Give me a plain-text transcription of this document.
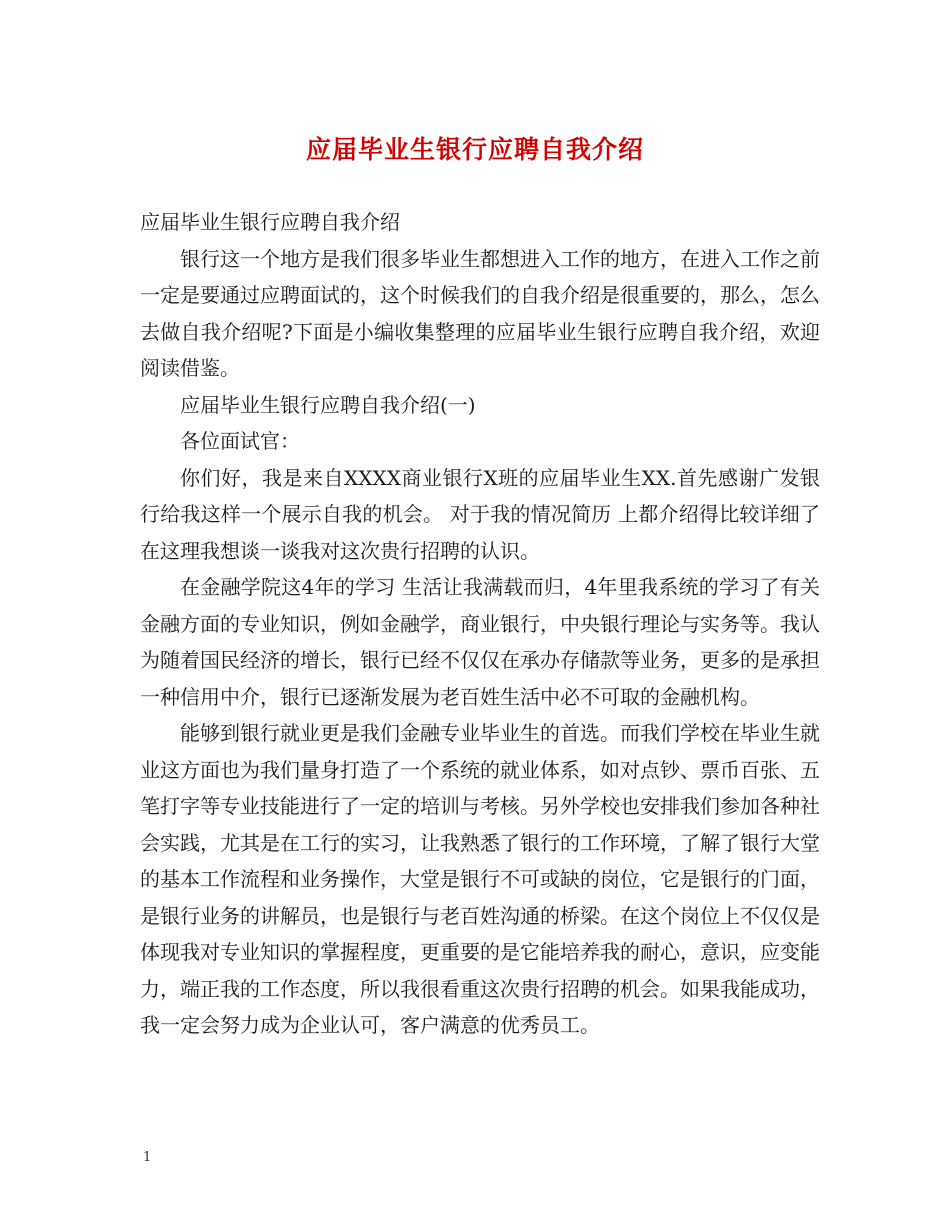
应届毕业生银行应聘自我介绍

应届毕业生银行应聘自我介绍

银行这一个地方是我们很多毕业生都想进入工作的地方，在进入工作之前一定是要通过应聘面试的，这个时候我们的自我介绍是很重要的，那么，怎么去做自我介绍呢?下面是小编收集整理的应届毕业生银行应聘自我介绍，欢迎阅读借鉴。

应届毕业生银行应聘自我介绍(一)

各位面试官：

你们好，我是来自XXXX商业银行X班的应届毕业生XX.首先感谢广发银行给我这样一个展示自我的机会。 对于我的情况简历 上都介绍得比较详细了在这理我想谈一谈我对这次贵行招聘的认识。

在金融学院这4年的学习 生活让我满载而归，4年里我系统的学习了有关金融方面的专业知识，例如金融学，商业银行，中央银行理论与实务等。我认为随着国民经济的增长，银行已经不仅仅在承办存储款等业务，更多的是承担一种信用中介，银行已逐渐发展为老百姓生活中必不可取的金融机构。

能够到银行就业更是我们金融专业毕业生的首选。而我们学校在毕业生就业这方面也为我们量身打造了一个系统的就业体系，如对点钞、票币百张、五笔打字等专业技能进行了一定的培训与考核。另外学校也安排我们参加各种社会实践，尤其是在工行的实习，让我熟悉了银行的工作环境，了解了银行大堂的基本工作流程和业务操作，大堂是银行不可或缺的岗位，它是银行的门面，是银行业务的讲解员，也是银行与老百姓沟通的桥梁。在这个岗位上不仅仅是体现我对专业知识的掌握程度，更重要的是它能培养我的耐心，意识，应变能力，端正我的工作态度，所以我很看重这次贵行招聘的机会。如果我能成功，我一定会努力成为企业认可，客户满意的优秀员工。

1
